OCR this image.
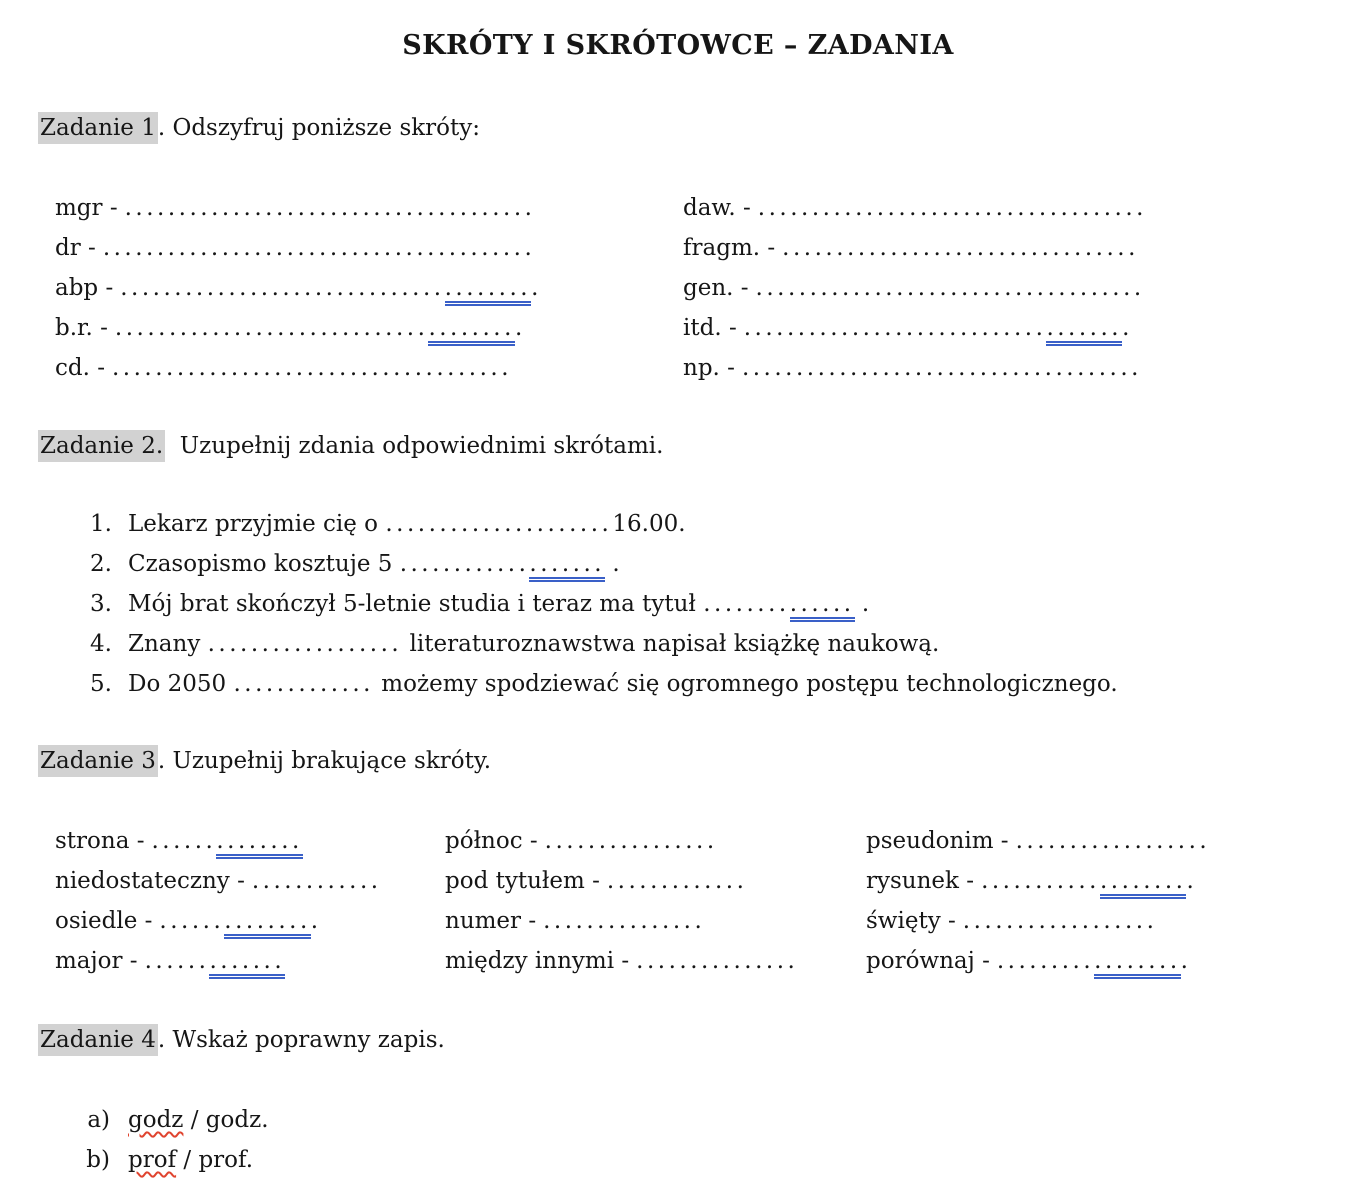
SKRÓTY I SKRÓTOWCE – ZADANIA
Zadanie 1. Odszyfruj poniższe skróty:
mgr - ......................................
dr - ........................................
abp - .......................................
b.r. - ......................................
cd. - .....................................
daw. - ....................................
fragm. - .................................
gen. - ....................................
itd. - ....................................
np. - .....................................
Zadanie 2.  Uzupełnij zdania odpowiednimi skrótami.
1. Lekarz przyjmie cię o .....................16.00.
2. Czasopismo kosztuje 5 ................... .
3. Mój brat skończył 5-letnie studia i teraz ma tytuł .............. .
4. Znany .................. literaturoznawstwa napisał książkę naukową.
5. Do 2050 ............. możemy spodziewać się ogromnego postępu technologicznego.
Zadanie 3. Uzupełnij brakujące skróty.
strona - ..............
niedostateczny - ............
osiedle - ...............
major - .............
północ - ................
pod tytułem - .............
numer - ...............
między innymi - ...............
pseudonim - ..................
rysunek - ....................
święty - ..................
porównaj - ..................
Zadanie 4. Wskaż poprawny zapis.
a) godz / godz.
b) prof / prof.
